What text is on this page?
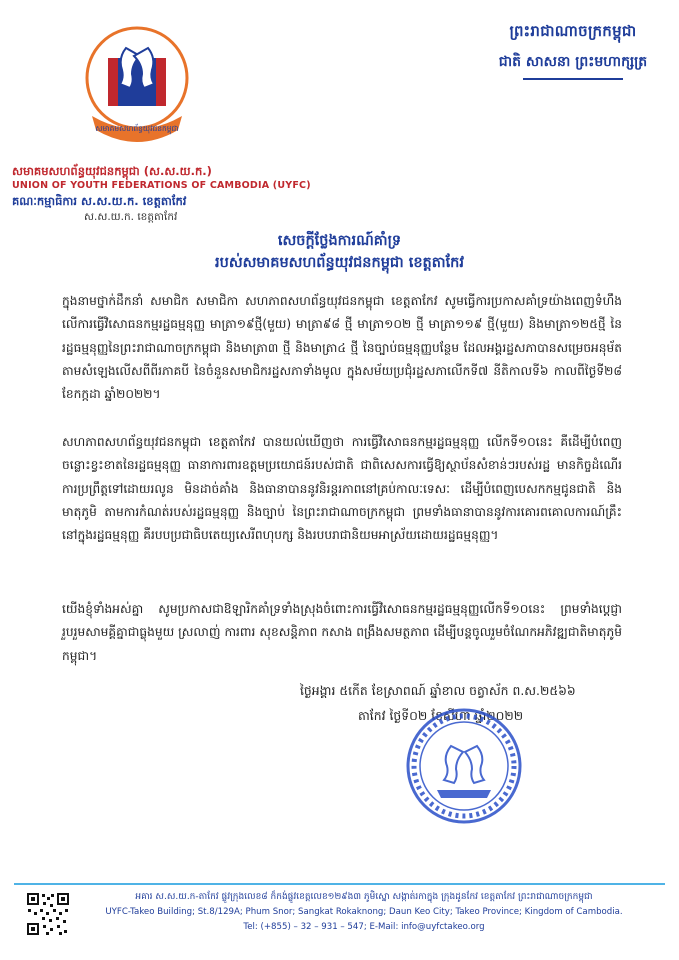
ព្រះរាជាណាចក្រកម្ពុជា
ជាតិ សាសនា ព្រះមហាក្សត្រ
សមាគមសហព័ន្ធយុវជនកម្ពុជា
សមាគមសហព័ន្ធយុវជនកម្ពុជា (ស.ស.យ.ក.)
UNION OF YOUTH FEDERATIONS OF CAMBODIA (UYFC)
គណៈកម្មាធិការ ស.ស.យ.ក. ខេត្តតាកែវ
ស.ស.យ.ក. ខេត្តតាកែវ
សេចក្តីថ្លែងការណ៍គាំទ្រ
របស់សមាគមសហព័ន្ធយុវជនកម្ពុជា ខេត្តតាកែវ
ក្នុងនាមថ្នាក់ដឹកនាំ សមាជិក សមាជិកា សហភាពសហព័ន្ធយុវជនកម្ពុជា ខេត្តតាកែវ សូមធ្វើការប្រកាសគាំទ្រយ៉ាងពេញទំហឹងលើការធ្វើវិសោធនកម្មរដ្ឋធម្មនុញ្ញ មាត្រា១៩ថ្មី(មួយ) មាត្រា៩៨ ថ្មី មាត្រា១០២ ថ្មី មាត្រា១១៩ ថ្មី(មួយ) និងមាត្រា១២៥ថ្មី នៃរដ្ឋធម្មនុញ្ញនៃព្រះរាជាណាចក្រកម្ពុជា និងមាត្រា៣ ថ្មី និងមាត្រា៤ ថ្មី នៃច្បាប់ធម្មនុញ្ញបន្ថែម ដែលអង្គរដ្ឋសភាបានសម្រេចអនុម័តតាមសំឡេងលើសពីពីរភាគបី នៃចំនួនសមាជិករដ្ឋសភាទាំងមូល ក្នុងសម័យប្រជុំរដ្ឋសភាលើកទី៧ នីតិកាលទី៦ កាលពីថ្ងៃទី២៨ ខែកក្កដា ឆ្នាំ២០២២។
សហភាពសហព័ន្ធយុវជនកម្ពុជា ខេត្តតាកែវ បានយល់ឃើញថា ការធ្វើវិសោធនកម្មរដ្ឋធម្មនុញ្ញ លើកទី១០នេះ គឺដើម្បីបំពេញចន្លោះខ្វះខាតនៃរដ្ឋធម្មនុញ្ញ ធានាការពារឧត្តមប្រយោជន៍របស់ជាតិ ជាពិសេសការធ្វើឱ្យស្ថាប័នសំខាន់ៗរបស់រដ្ឋ មានកិច្ចដំណើរការប្រព្រឹត្តទៅដោយរលូន មិនដាច់គាំង និងធានាបាននូវនិរន្តរភាពនៅគ្រប់កាលៈទេសៈ ដើម្បីបំពេញបេសកកម្មជូនជាតិ និងមាតុភូមិ តាមការកំណត់របស់រដ្ឋធម្មនុញ្ញ និងច្បាប់ នៃព្រះរាជាណាចក្រកម្ពុជា ព្រមទាំងធានាបាននូវការគោរពគោលការណ៍គ្រឹះនៅក្នុងរដ្ឋធម្មនុញ្ញ គឺរបបប្រជាធិបតេយ្យសេរីពហុបក្ស និងរបបរាជានិយមអាស្រ័យដោយរដ្ឋធម្មនុញ្ញ។
យើងខ្ញុំទាំងអស់គ្នា សូមប្រកាសជាឱឡារិកគាំទ្រទាំងស្រុងចំពោះការធ្វើវិសោធនកម្មរដ្ឋធម្មនុញ្ញលើកទី១០នេះ ព្រមទាំងប្តេជ្ញារួបរួមសាមគ្គីគ្នាជាធ្លុងមួយ ស្រលាញ់ ការពារ សុខសន្តិភាព កសាង ពង្រឹងសមត្ថភាព ដើម្បីបន្តចូលរួមចំណែកអភិវឌ្ឍជាតិមាតុភូមិកម្ពុជា។
ថ្ងៃអង្គារ ៥កើត ខែស្រាពណ៍ ឆ្នាំខាល ចត្វាស័ក ព.ស.២៥៦៦
តាកែវ ថ្ងៃទី០២ ខែសីហា ឆ្នាំ២០២២
អគារ ស.ស.យ.ក-តាកែវ ផ្លូវក្រុងលេខ៨ ក៏កង់ផ្លូវខេត្តលេខ១២៩ង៣ ភូមិស្នោ សង្កាត់រកាក្នុង ក្រុងដូនកែវ ខេត្តតាកែវ ព្រះរាជាណាចក្រកម្ពុជា
UYFC-Takeo Building; St.8/129A; Phum Snor; Sangkat Rokaknong; Daun Keo City; Takeo Province; Kingdom of Cambodia.
Tel: (+855) – 32 – 931 – 547; E-Mail: info@uyfctakeo.org
